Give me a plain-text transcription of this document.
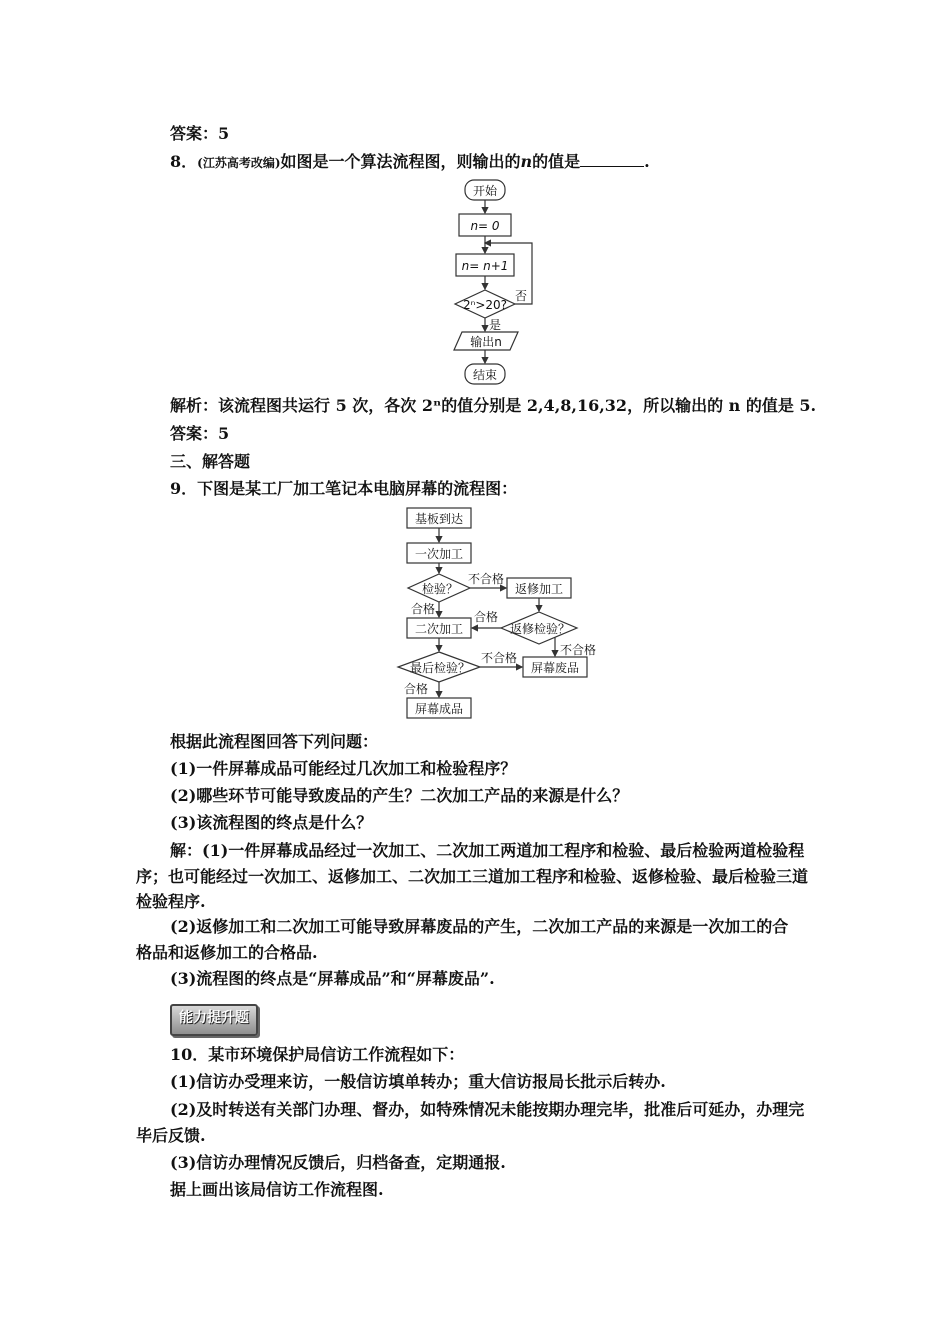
答案：5
8．(江苏高考改编)如图是一个算法流程图，则输出的n的值是	.
开始
n= 0
n= n+1
2ⁿ>20?
否
是
输出n
结束
解析：该流程图共运行 5 次，各次 2ⁿ的值分别是 2,4,8,16,32，所以输出的 n 的值是 5.
答案：5
三、解答题
9．下图是某工厂加工笔记本电脑屏幕的流程图：
基板到达
一次加工
检验？
不合格
返修加工
合格
二次加工	返修检验？
合格
不合格
最后检验？
不合格
屏幕废品
合格
屏幕成品
根据此流程图回答下列问题：
(1)一件屏幕成品可能经过几次加工和检验程序？
(2)哪些环节可能导致废品的产生？二次加工产品的来源是什么？
(3)该流程图的终点是什么？
解：(1)一件屏幕成品经过一次加工、二次加工两道加工程序和检验、最后检验两道检验程
序；也可能经过一次加工、返修加工、二次加工三道加工程序和检验、返修检验、最后检验三道
检验程序.
(2)返修加工和二次加工可能导致屏幕废品的产生，二次加工产品的来源是一次加工的合
格品和返修加工的合格品.
(3)流程图的终点是“屏幕成品”和“屏幕废品”.
能力提升题
10．某市环境保护局信访工作流程如下：
(1)信访办受理来访，一般信访填单转办；重大信访报局长批示后转办.
(2)及时转送有关部门办理、督办，如特殊情况未能按期办理完毕，批准后可延办，办理完
毕后反馈.
(3)信访办理情况反馈后，归档备查，定期通报.
据上画出该局信访工作流程图.
